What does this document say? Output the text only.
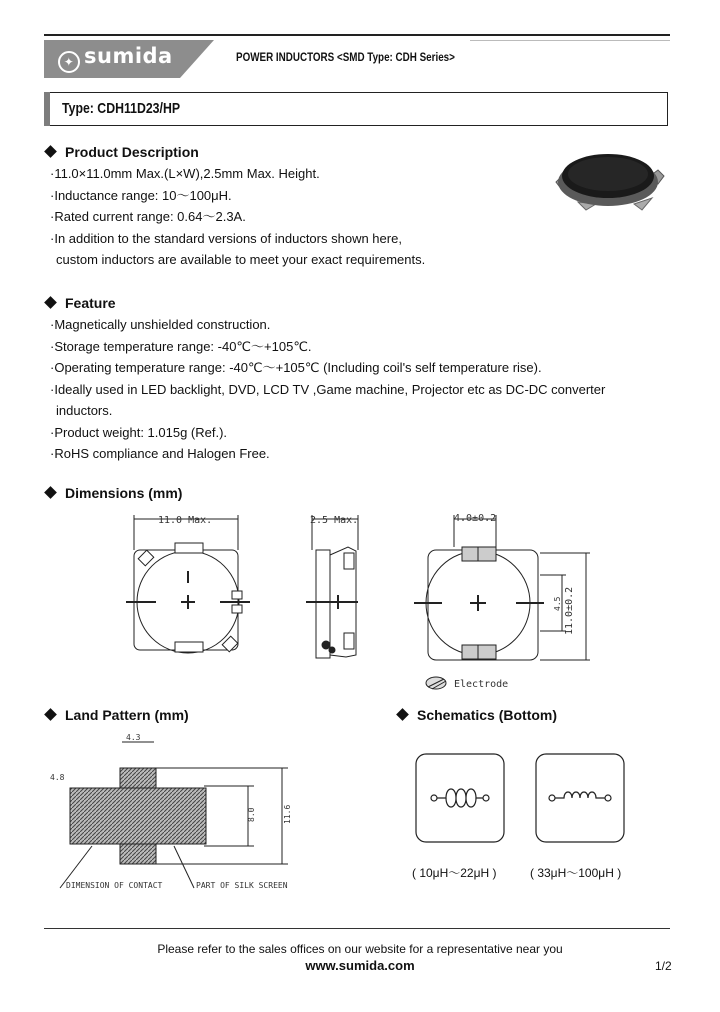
✦ sumida	POWER INDUCTORS <SMD Type: CDH Series>
Type: CDH11D23/HP
Product Description
·11.0×11.0mm Max.(L×W),2.5mm Max. Height.
·Inductance range: 10～100μH.
·Rated current range: 0.64～2.3A.
·In addition to the standard versions of inductors shown here,
custom inductors are available to meet your exact requirements.
Feature
·Magnetically unshielded construction.
·Storage temperature range: -40℃～+105℃.
·Operating temperature range: -40℃～+105℃ (Including coil's self temperature rise).
·Ideally used in LED backlight, DVD, LCD TV ,Game machine, Projector etc as DC-DC converter
inductors.
·Product weight: 1.015g (Ref.).
·RoHS compliance and Halogen Free.
Dimensions (mm)
11.0 Max.	2.5 Max.	4.0±0.2
11.0±0.2
4.5
Electrode
Land Pattern (mm)
4.3
4.8
8.0	11.6
DIMENSION OF CONTACT	PART OF SILK SCREEN
Schematics (Bottom)
( 10μH～22μH )	( 33μH～100μH )
Please refer to the sales offices on our website for a representative near you
www.sumida.com	1/2
